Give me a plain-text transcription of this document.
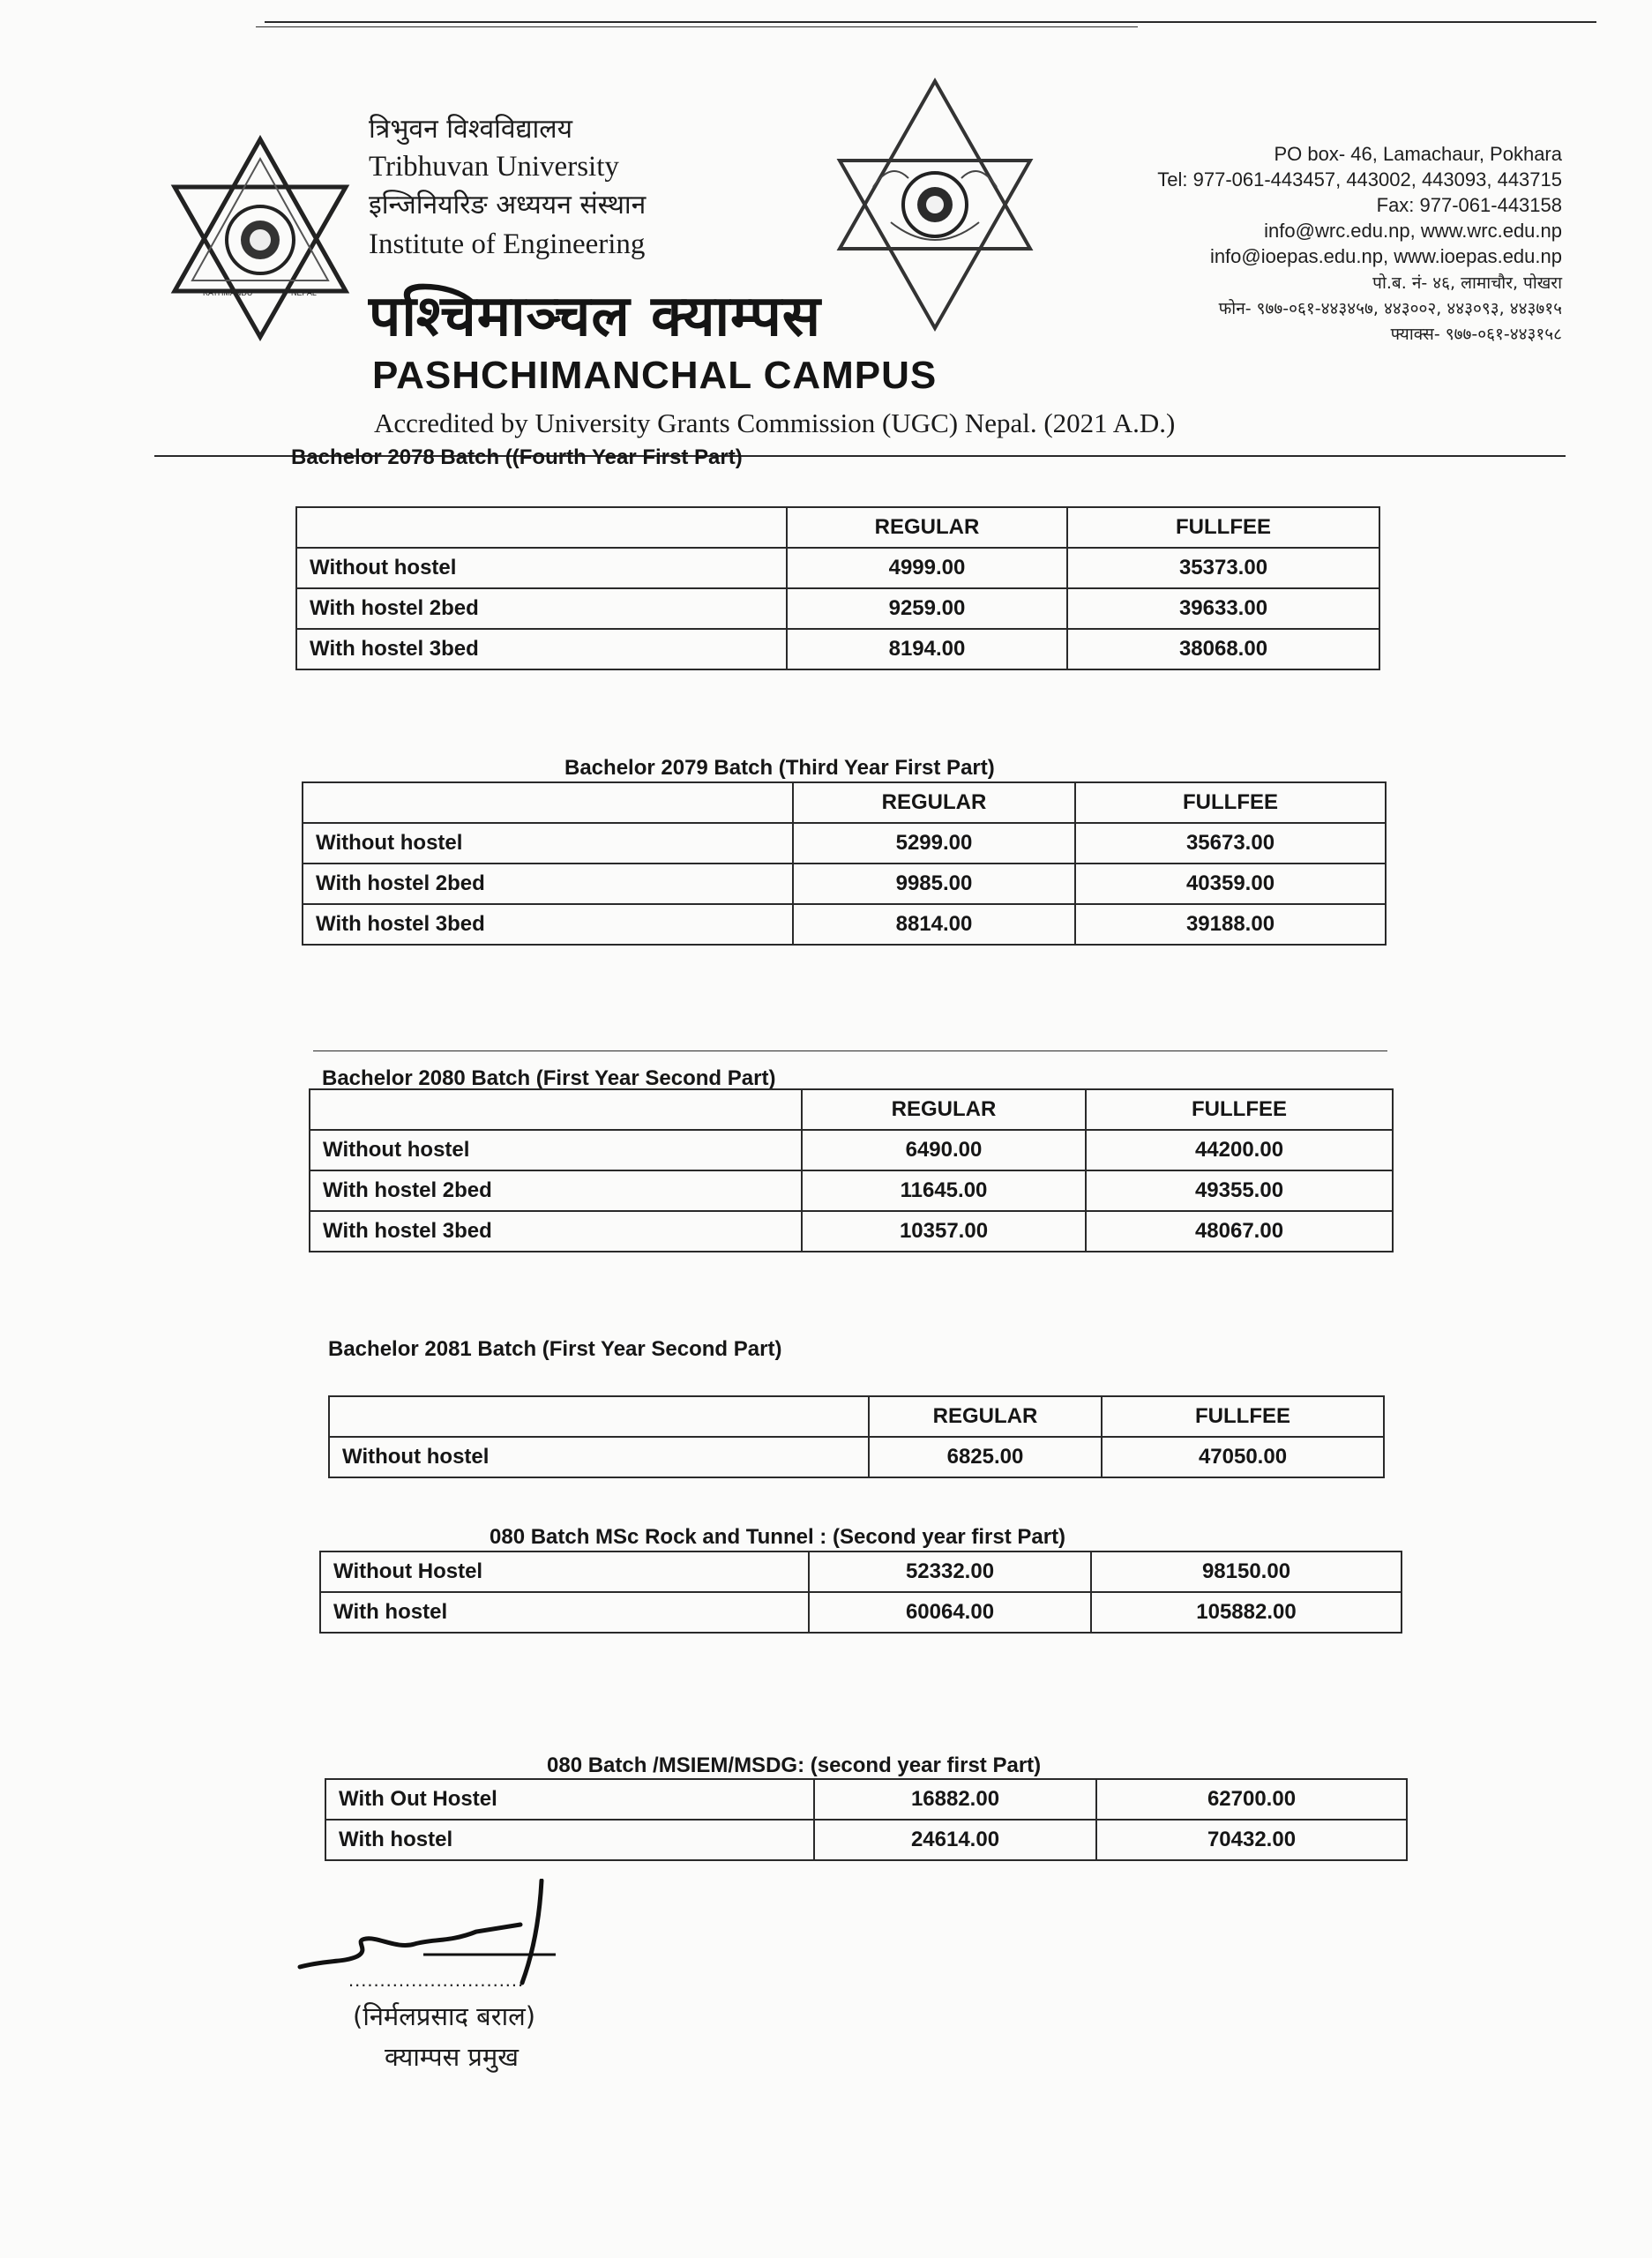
KATHMANDU	NEPAL
त्रिभुवन विश्वविद्यालय
Tribhuvan University
इन्जिनियरिङ अध्ययन संस्थान
Institute of Engineering
पश्चिमाञ्चल क्याम्पस
PASHCHIMANCHAL CAMPUS
Accredited by University Grants Commission (UGC) Nepal. (2021 A.D.)
PO box- 46, Lamachaur, Pokhara
Tel: 977-061-443457, 443002, 443093, 443715
Fax: 977-061-443158
info@wrc.edu.np, www.wrc.edu.np
info@ioepas.edu.np, www.ioepas.edu.np
पो.ब. नं- ४६, लामाचौर, पोखरा
फोन- ९७७-०६१-४४३४५७, ४४३००२, ४४३०९३, ४४३७१५
फ्याक्स- ९७७-०६१-४४३१५८
Bachelor 2078 Batch ((Fourth Year First Part)
	REGULAR	FULLFEE
Without hostel	4999.00	35373.00
With hostel 2bed	9259.00	39633.00
With hostel 3bed	8194.00	38068.00
Bachelor 2079 Batch (Third Year First Part)
	REGULAR	FULLFEE
Without hostel	5299.00	35673.00
With hostel 2bed	9985.00	40359.00
With hostel 3bed	8814.00	39188.00
Bachelor 2080 Batch (First Year Second Part)
	REGULAR	FULLFEE
Without hostel	6490.00	44200.00
With hostel 2bed	11645.00	49355.00
With hostel 3bed	10357.00	48067.00
Bachelor 2081 Batch (First Year Second Part)
	REGULAR	FULLFEE
Without hostel	6825.00	47050.00
080 Batch MSc Rock and Tunnel : (Second year first Part)
Without Hostel	52332.00	98150.00
With hostel	60064.00	105882.00
080 Batch /MSIEM/MSDG: (second year first Part)
With Out Hostel	16882.00	62700.00
With hostel	24614.00	70432.00
............................
(निर्मलप्रसाद बराल)
क्याम्पस प्रमुख
